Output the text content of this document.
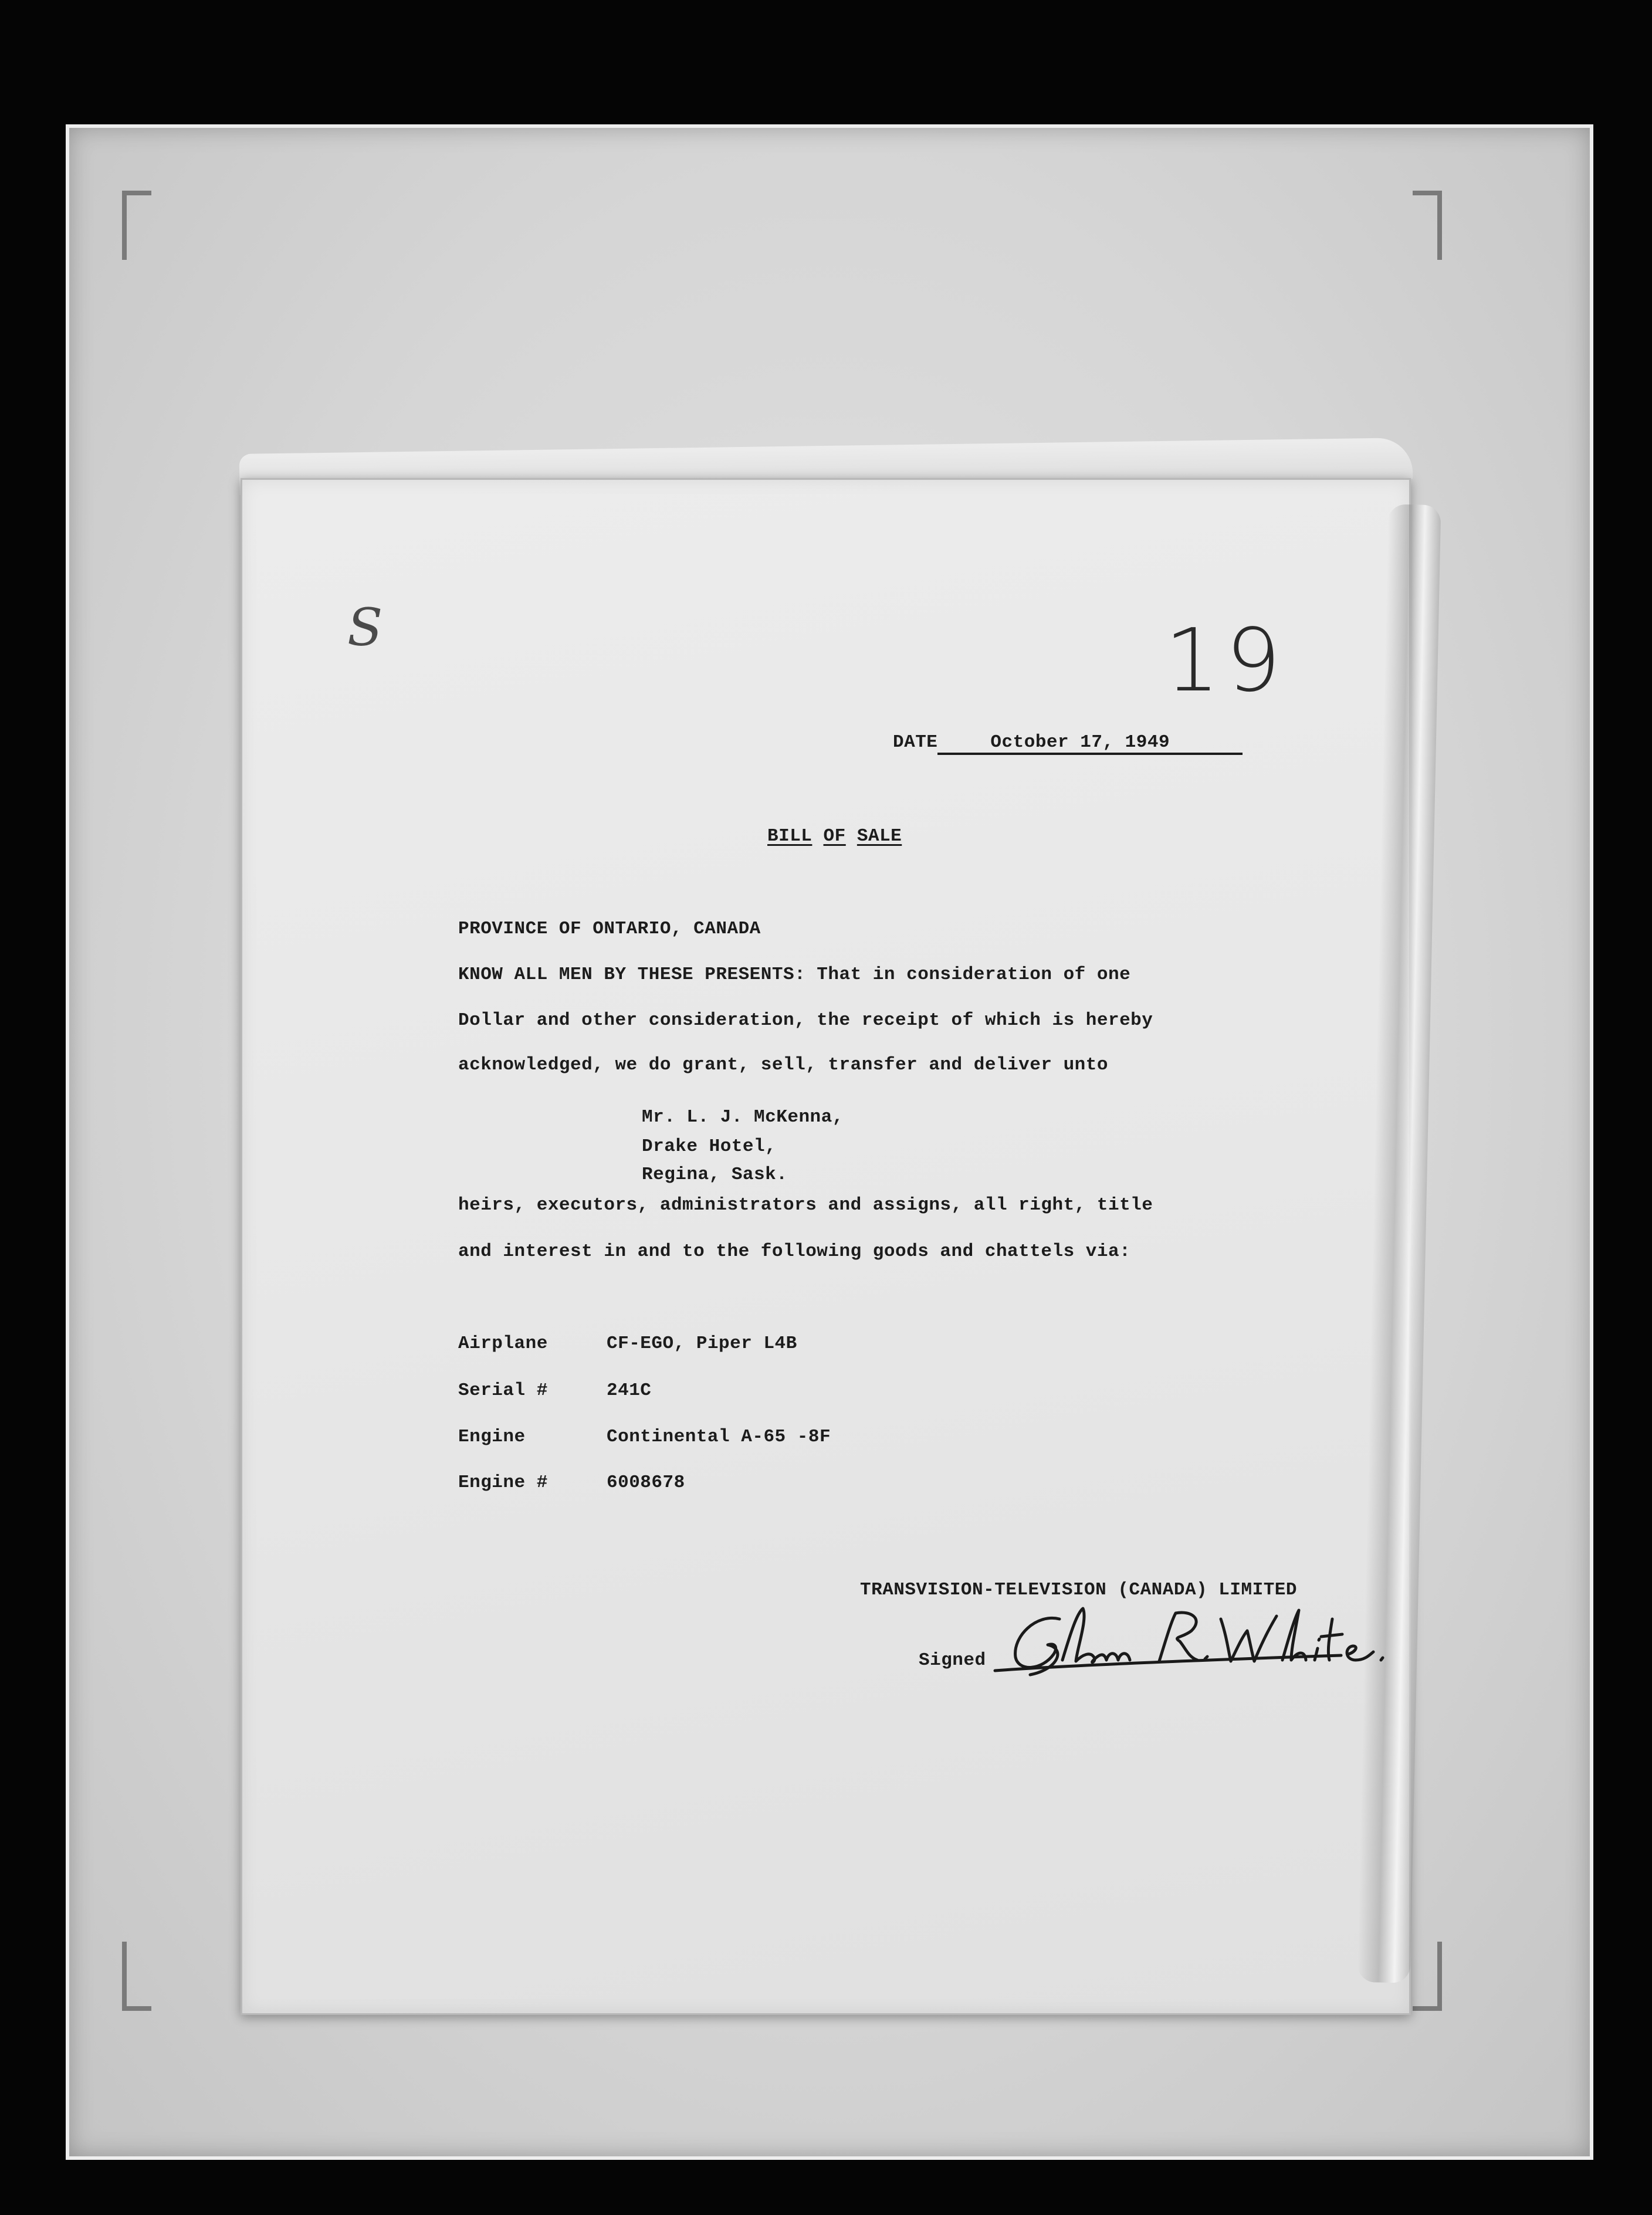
S	19
DATE	October 17, 1949
BILL OF SALE
PROVINCE OF ONTARIO, CANADA
KNOW ALL MEN BY THESE PRESENTS: That in consideration of one
Dollar and other consideration, the receipt of which is hereby
acknowledged, we do grant, sell, transfer and deliver unto
Mr. L. J. McKenna,
Drake Hotel,
Regina, Sask.
heirs, executors, administrators and assigns, all right, title
and interest in and to the following goods and chattels via:
Airplane	CF-EGO, Piper L4B
Serial #	241C
Engine	Continental A-65 -8F
Engine #	6008678
TRANSVISION-TELEVISION (CANADA) LIMITED
Signed
